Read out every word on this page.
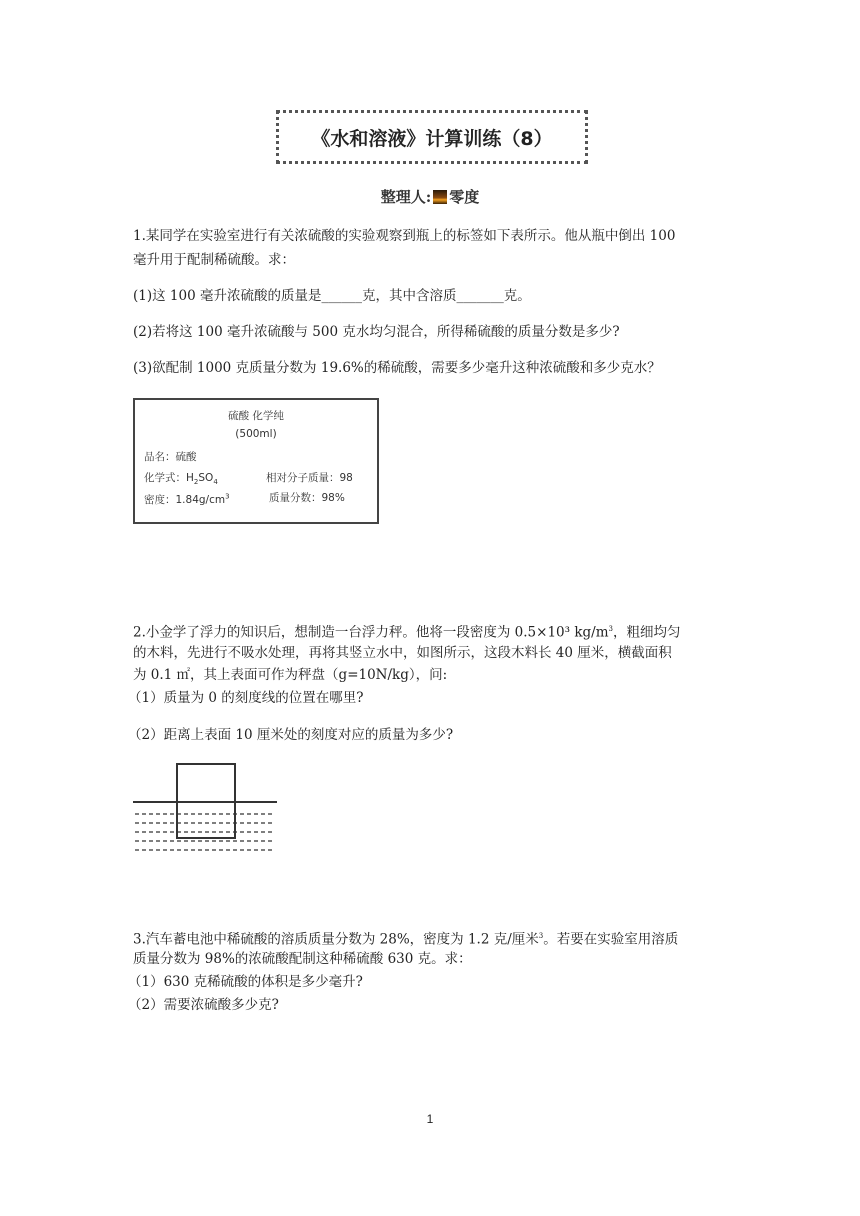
《水和溶液》计算训练（8）
整理人: 零度
1.某同学在实验室进行有关浓硫酸的实验观察到瓶上的标签如下表所示。他从瓶中倒出 100
毫升用于配制稀硫酸。求：
(1)这 100 毫升浓硫酸的质量是______克，其中含溶质_______克。
(2)若将这 100 毫升浓硫酸与 500 克水均匀混合，所得稀硫酸的质量分数是多少?
(3)欲配制 1000 克质量分数为 19.6%的稀硫酸，需要多少毫升这种浓硫酸和多少克水？
硫酸 化学纯
(500ml)
品名：硫酸
化学式：$H_2SO_4$	相对分子质量：98
密度：$1.84g/cm^3$	质量分数：98%
2.小金学了浮力的知识后，想制造一台浮力秤。他将一段密度为 0.5×10³ $kg/m^3$，粗细均匀
的木料，先进行不吸水处理，再将其竖立水中，如图所示，这段木料长 40 厘米，横截面积
为 0.1 ㎡，其上表面可作为秤盘（g=10N/kg），问:
（1）质量为 0 的刻度线的位置在哪里?
（2）距离上表面 10 厘米处的刻度对应的质量为多少?
3.汽车蓄电池中稀硫酸的溶质质量分数为 28%，密度为 1.2 克/厘米$^3$。若要在实验室用溶质
质量分数为 98%的浓硫酸配制这种稀硫酸 630 克。求：
（1）630 克稀硫酸的体积是多少毫升?
（2）需要浓硫酸多少克?
1
